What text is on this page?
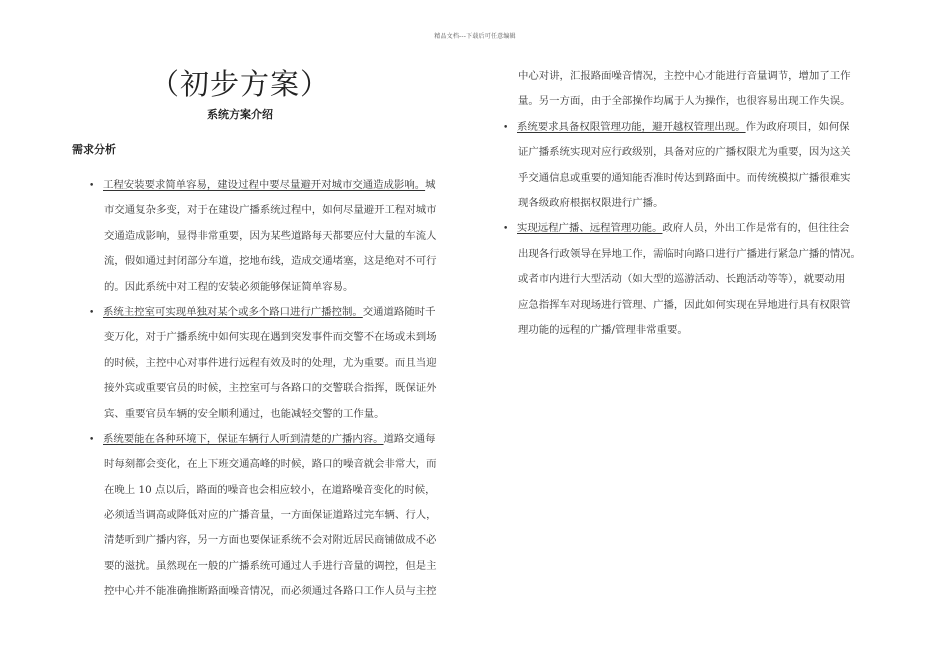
精品文档---下载后可任意编辑
（初步方案）
系统方案介绍
需求分析
• 工程安装要求简单容易，建设过程中要尽量避开对城市交通造成影响。 城
市交通复杂多变，对于在建设广播系统过程中，如何尽量避开工程对城市
交通造成影响，显得非常重要，因为某些道路每天都要应付大量的车流人
流，假如通过封闭部分车道，挖地布线，造成交通堵塞，这是绝对不可行
的。因此系统中对工程的安装必须能够保证简单容易。
• 系统主控室可实现单独对某个或多个路口进行广播控制。 交通道路随时千
变万化，对于广播系统中如何实现在遇到突发事件而交警不在场或未到场
的时候，主控中心对事件进行远程有效及时的处理，尤为重要。而且当迎
接外宾或重要官员的时候，主控室可与各路口的交警联合指挥，既保证外
宾、重要官员车辆的安全顺利通过，也能减轻交警的工作量。
• 系统要能在各种环境下，保证车辆行人听到清楚的广播内容。 道路交通每
时每刻都会变化，在上下班交通高峰的时候，路口的噪音就会非常大，而
在晚上 10 点以后，路面的噪音也会相应较小，在道路噪音变化的时候，
必须适当调高或降低对应的广播音量，一方面保证道路过完车辆、行人，
清楚听到广播内容，另一方面也要保证系统不会对附近居民商铺做成不必
要的滋扰。虽然现在一般的广播系统可通过人手进行音量的调控，但是主
控中心并不能准确推断路面噪音情况，而必须通过各路口工作人员与主控
中心对讲，汇报路面噪音情况，主控中心才能进行音量调节，增加了工作
量。另一方面，由于全部操作均属于人为操作，也很容易出现工作失误。
• 系统要求具备权限管理功能，避开越权管理出现。 作为政府项目，如何保
证广播系统实现对应行政级别，具备对应的广播权限尤为重要，因为这关
乎交通信息或重要的通知能否准时传达到路面中。而传统模拟广播很难实
现各级政府根据权限进行广播。
• 实现远程广播、远程管理功能。 政府人员，外出工作是常有的，但往往会
出现各行政领导在异地工作，需临时向路口进行广播进行紧急广播的情况。
或者市内进行大型活动（如大型的巡游活动、长跑活动等等），就要动用
应急指挥车对现场进行管理、广播，因此如何实现在异地进行具有权限管
理功能的远程的广播/管理非常重要。
